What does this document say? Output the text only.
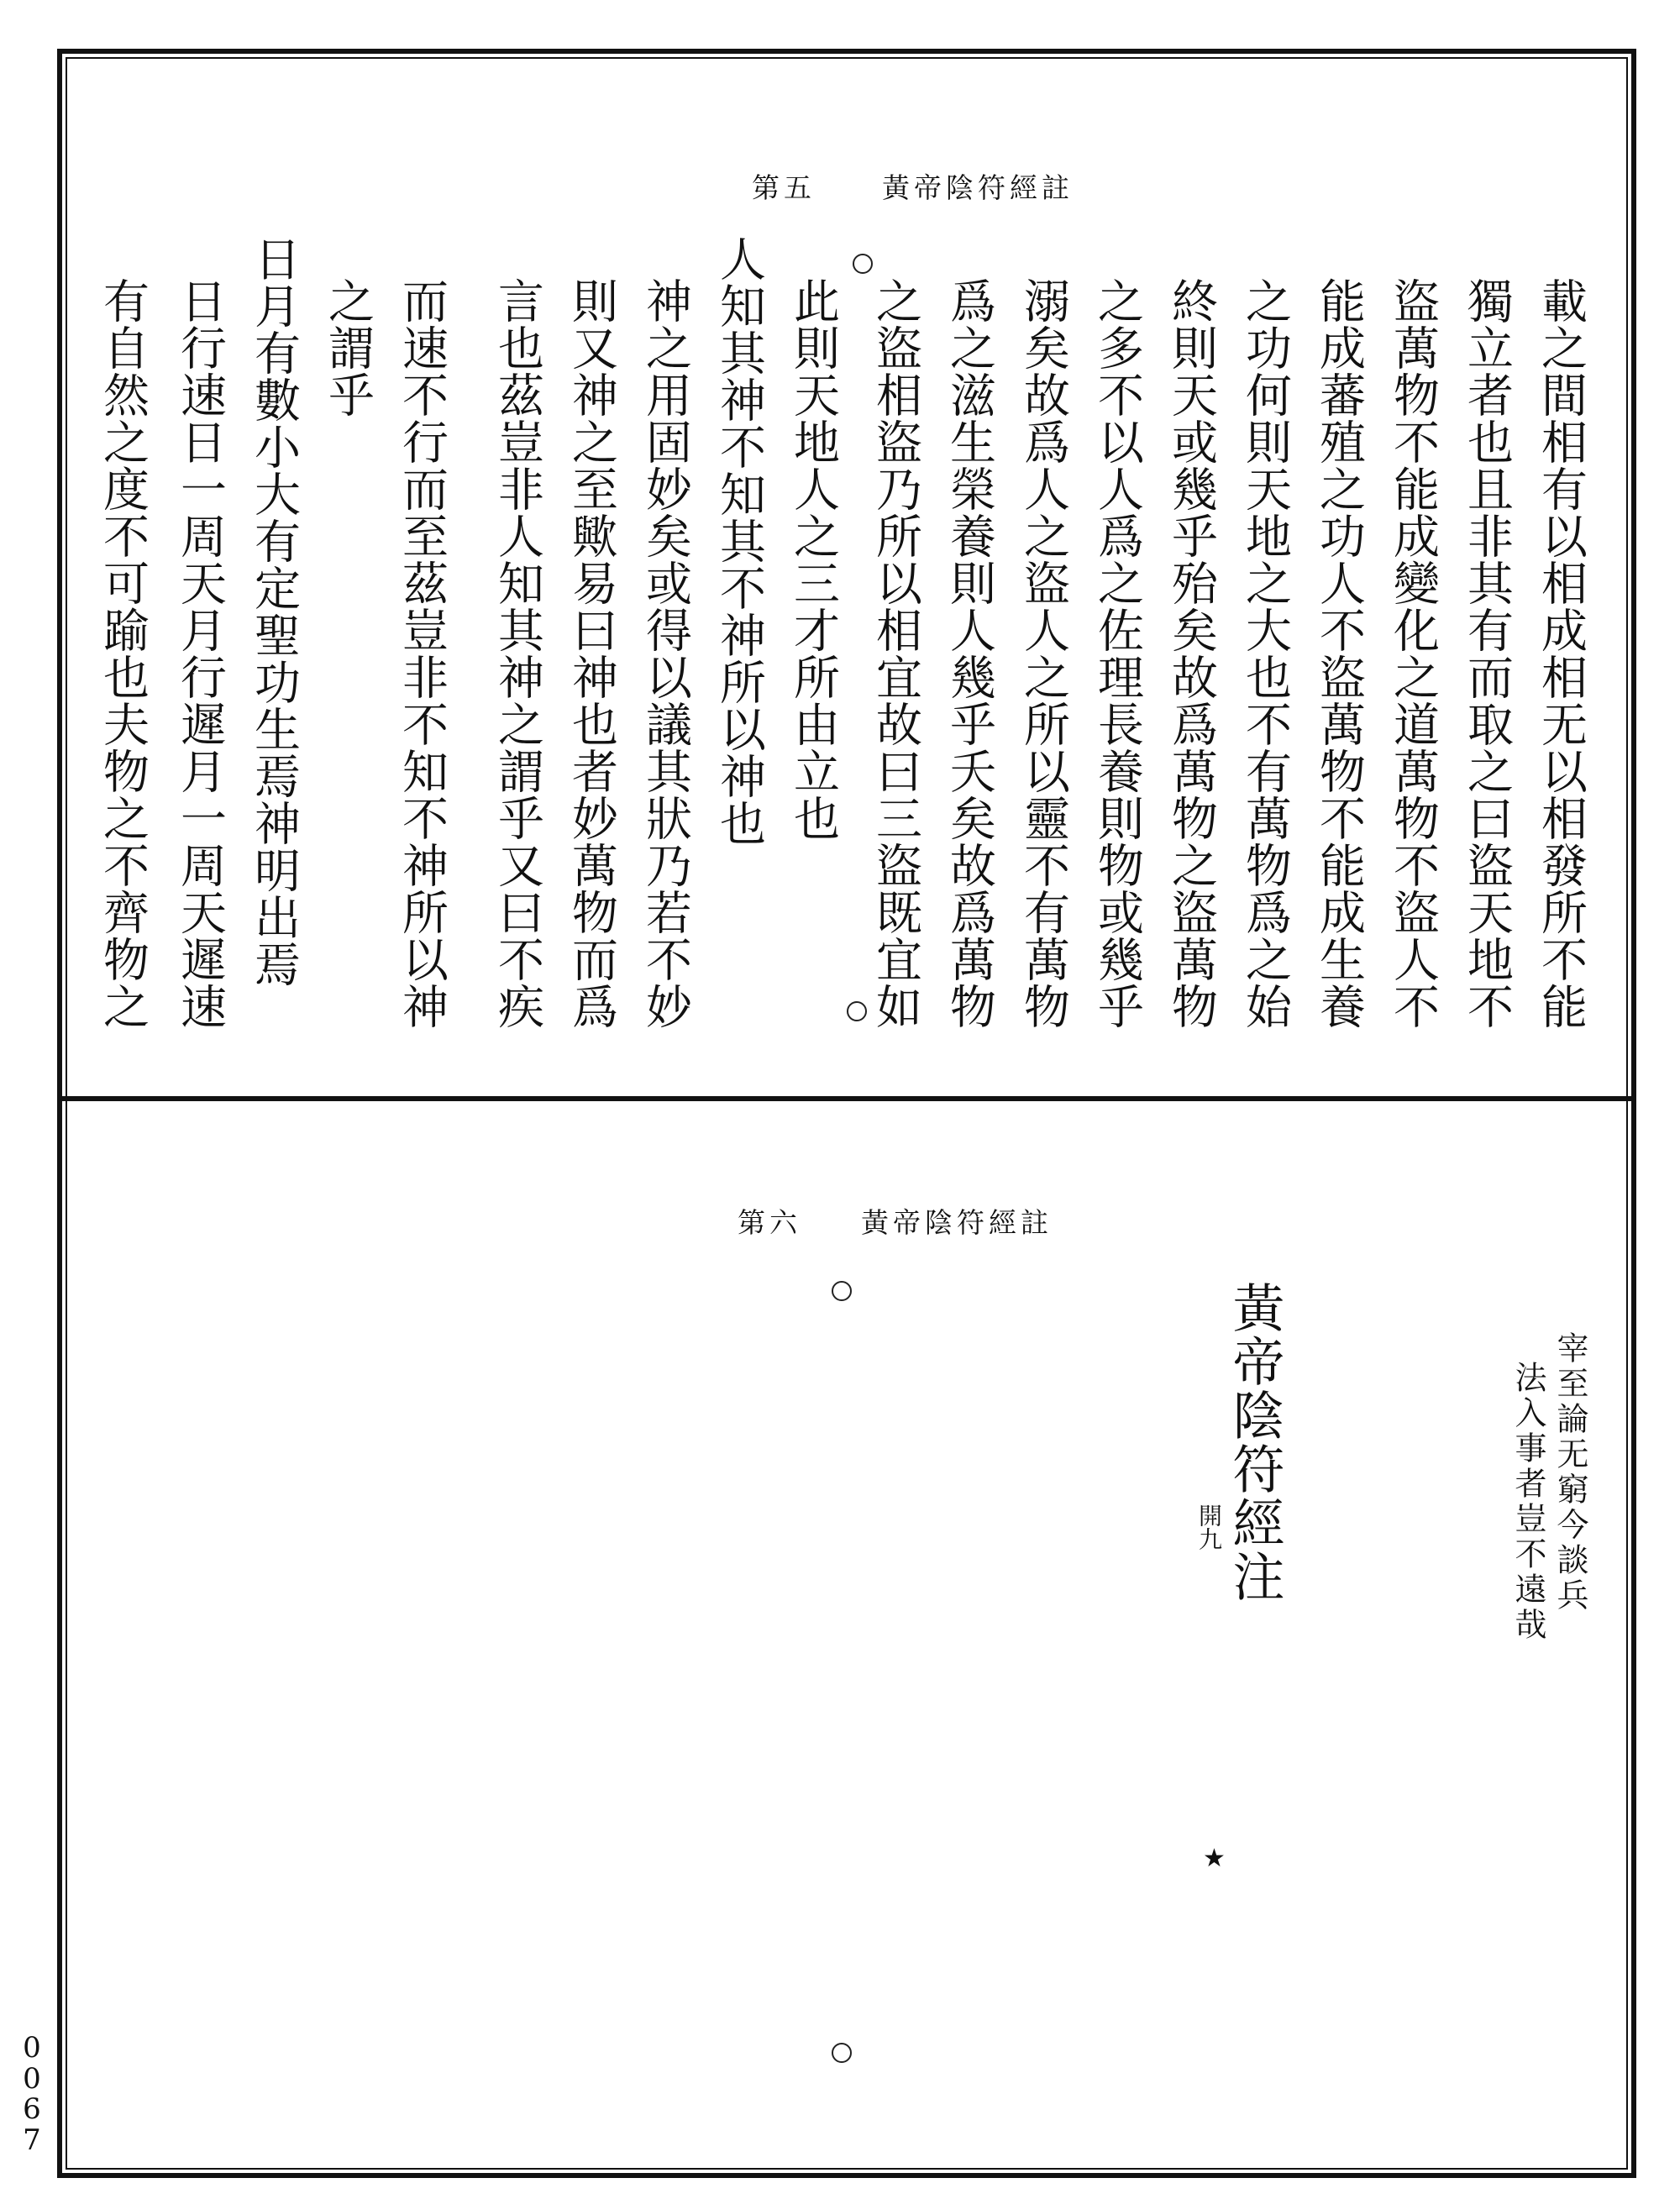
黃帝陰符經註
第五
載之間相有以相成相无以相發所不能
獨立者也且非其有而取之曰盜天地不
盜萬物不能成變化之道萬物不盜人不
能成蕃殖之功人不盜萬物不能成生養
之功何則天地之大也不有萬物爲之始
終則天或幾乎殆矣故爲萬物之盜萬物
之多不以人爲之佐理長養則物或幾乎
溺矣故爲人之盜人之所以靈不有萬物
爲之滋生榮養則人幾乎夭矣故爲萬物
之盜相盜乃所以相宜故曰三盜既宜如
此則天地人之三才所由立也
人知其神不知其不神所以神也
神之用固妙矣或得以議其狀乃若不妙
則又神之至歟易曰神也者妙萬物而爲
言也茲豈非人知其神之謂乎又曰不疾
而速不行而至茲豈非不知不神所以神
之謂乎
日月有數小大有定聖功生焉神明出焉
日行速日一周天月行遲月一周天遲速
有自然之度不可踰也夫物之不齊物之
黃帝陰符經註
第六
宰至論无窮今談兵
法入事者豈不遠哉
黃帝陰符經注
開九
★
0067
